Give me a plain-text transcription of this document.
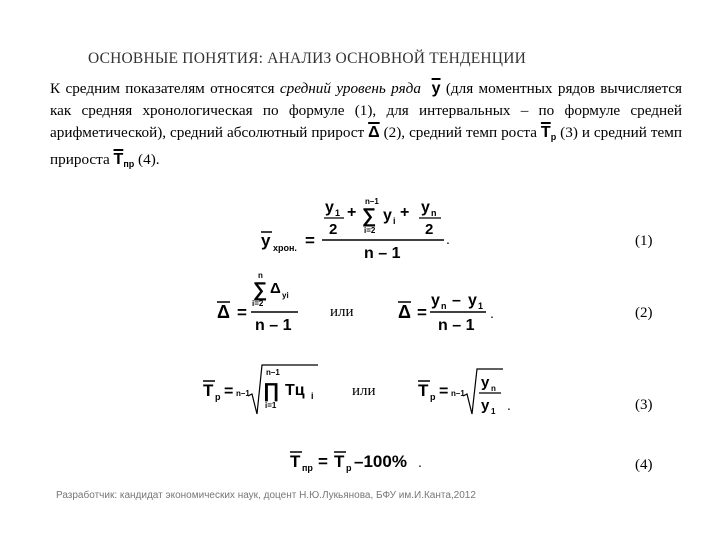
ОСНОВНЫЕ ПОНЯТИЯ: АНАЛИЗ ОСНОВНОЙ ТЕНДЕНЦИИ
К средним показателям относятся средний уровень ряда $\overline{y}$ (для моментных рядов вычисляется как средняя хронологическая по формуле (1), для интервальных – по формуле средней арифметической), средний абсолютный прирост $\overline{\Delta}$ (2), средний темп роста $\overline{T}_р$ (3) и средний темп прироста $\overline{T}_{пр}$ (4).
y хрон. =
y 1
2
+
n–1
∑
i=2
y i + y n
2
n – 1
.	(1)
Δ =
n
∑
i=2
Δ yi
n – 1
или Δ =
y n – y 1
n – 1
.	(2)
T р = n–1
n–1
∏
i=1
Тц i	или T р = n–1
y n
y 1 .	(3)
T пр = T р –100% .	(4)
Разработчик: кандидат экономических наук, доцент Н.Ю.Лукьянова, БФУ им.И.Канта,2012
